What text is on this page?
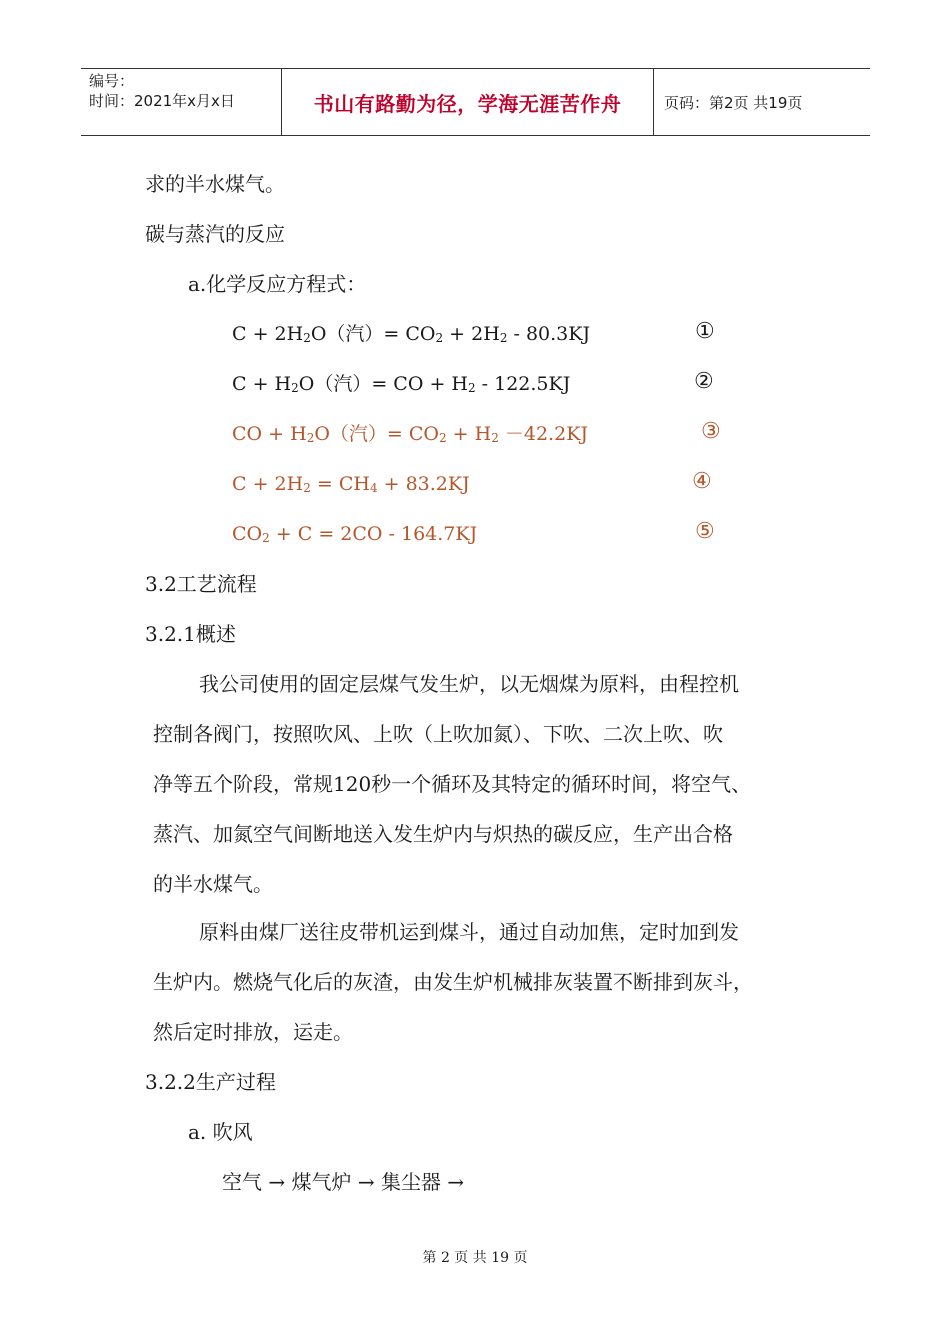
编号：
时间：2021年x月x日	书山有路勤为径，学海无涯苦作舟	页码：第2页 共19页
求的半水煤气。
碳与蒸汽的反应
a.化学反应方程式：
$C + 2H_2O$（汽）= $CO_2 + 2H_2 - 80.3KJ$	①
$C + H_2O$（汽）= CO + $H_2 - 122.5KJ$	②
CO + $H_2O$（汽）= $CO_2 + H_2 -42.2KJ$	③
$C + 2H_2 = CH_4 + 83.2KJ$	④
$CO_2 + C = 2CO - 164.7KJ$	⑤
3.2工艺流程
3.2.1概述
我公司使用的固定层煤气发生炉，以无烟煤为原料，由程控机
控制各阀门，按照吹风、上吹（上吹加氮）、下吹、二次上吹、吹
净等五个阶段，常规120秒一个循环及其特定的循环时间，将空气、
蒸汽、加氮空气间断地送入发生炉内与炽热的碳反应，生产出合格
的半水煤气。
原料由煤厂送往皮带机运到煤斗，通过自动加焦，定时加到发
生炉内。燃烧气化后的灰渣，由发生炉机械排灰装置不断排到灰斗，
然后定时排放，运走。
3.2.2生产过程
a. 吹风
空气 → 煤气炉 → 集尘器 →
第 2 页 共 19 页
